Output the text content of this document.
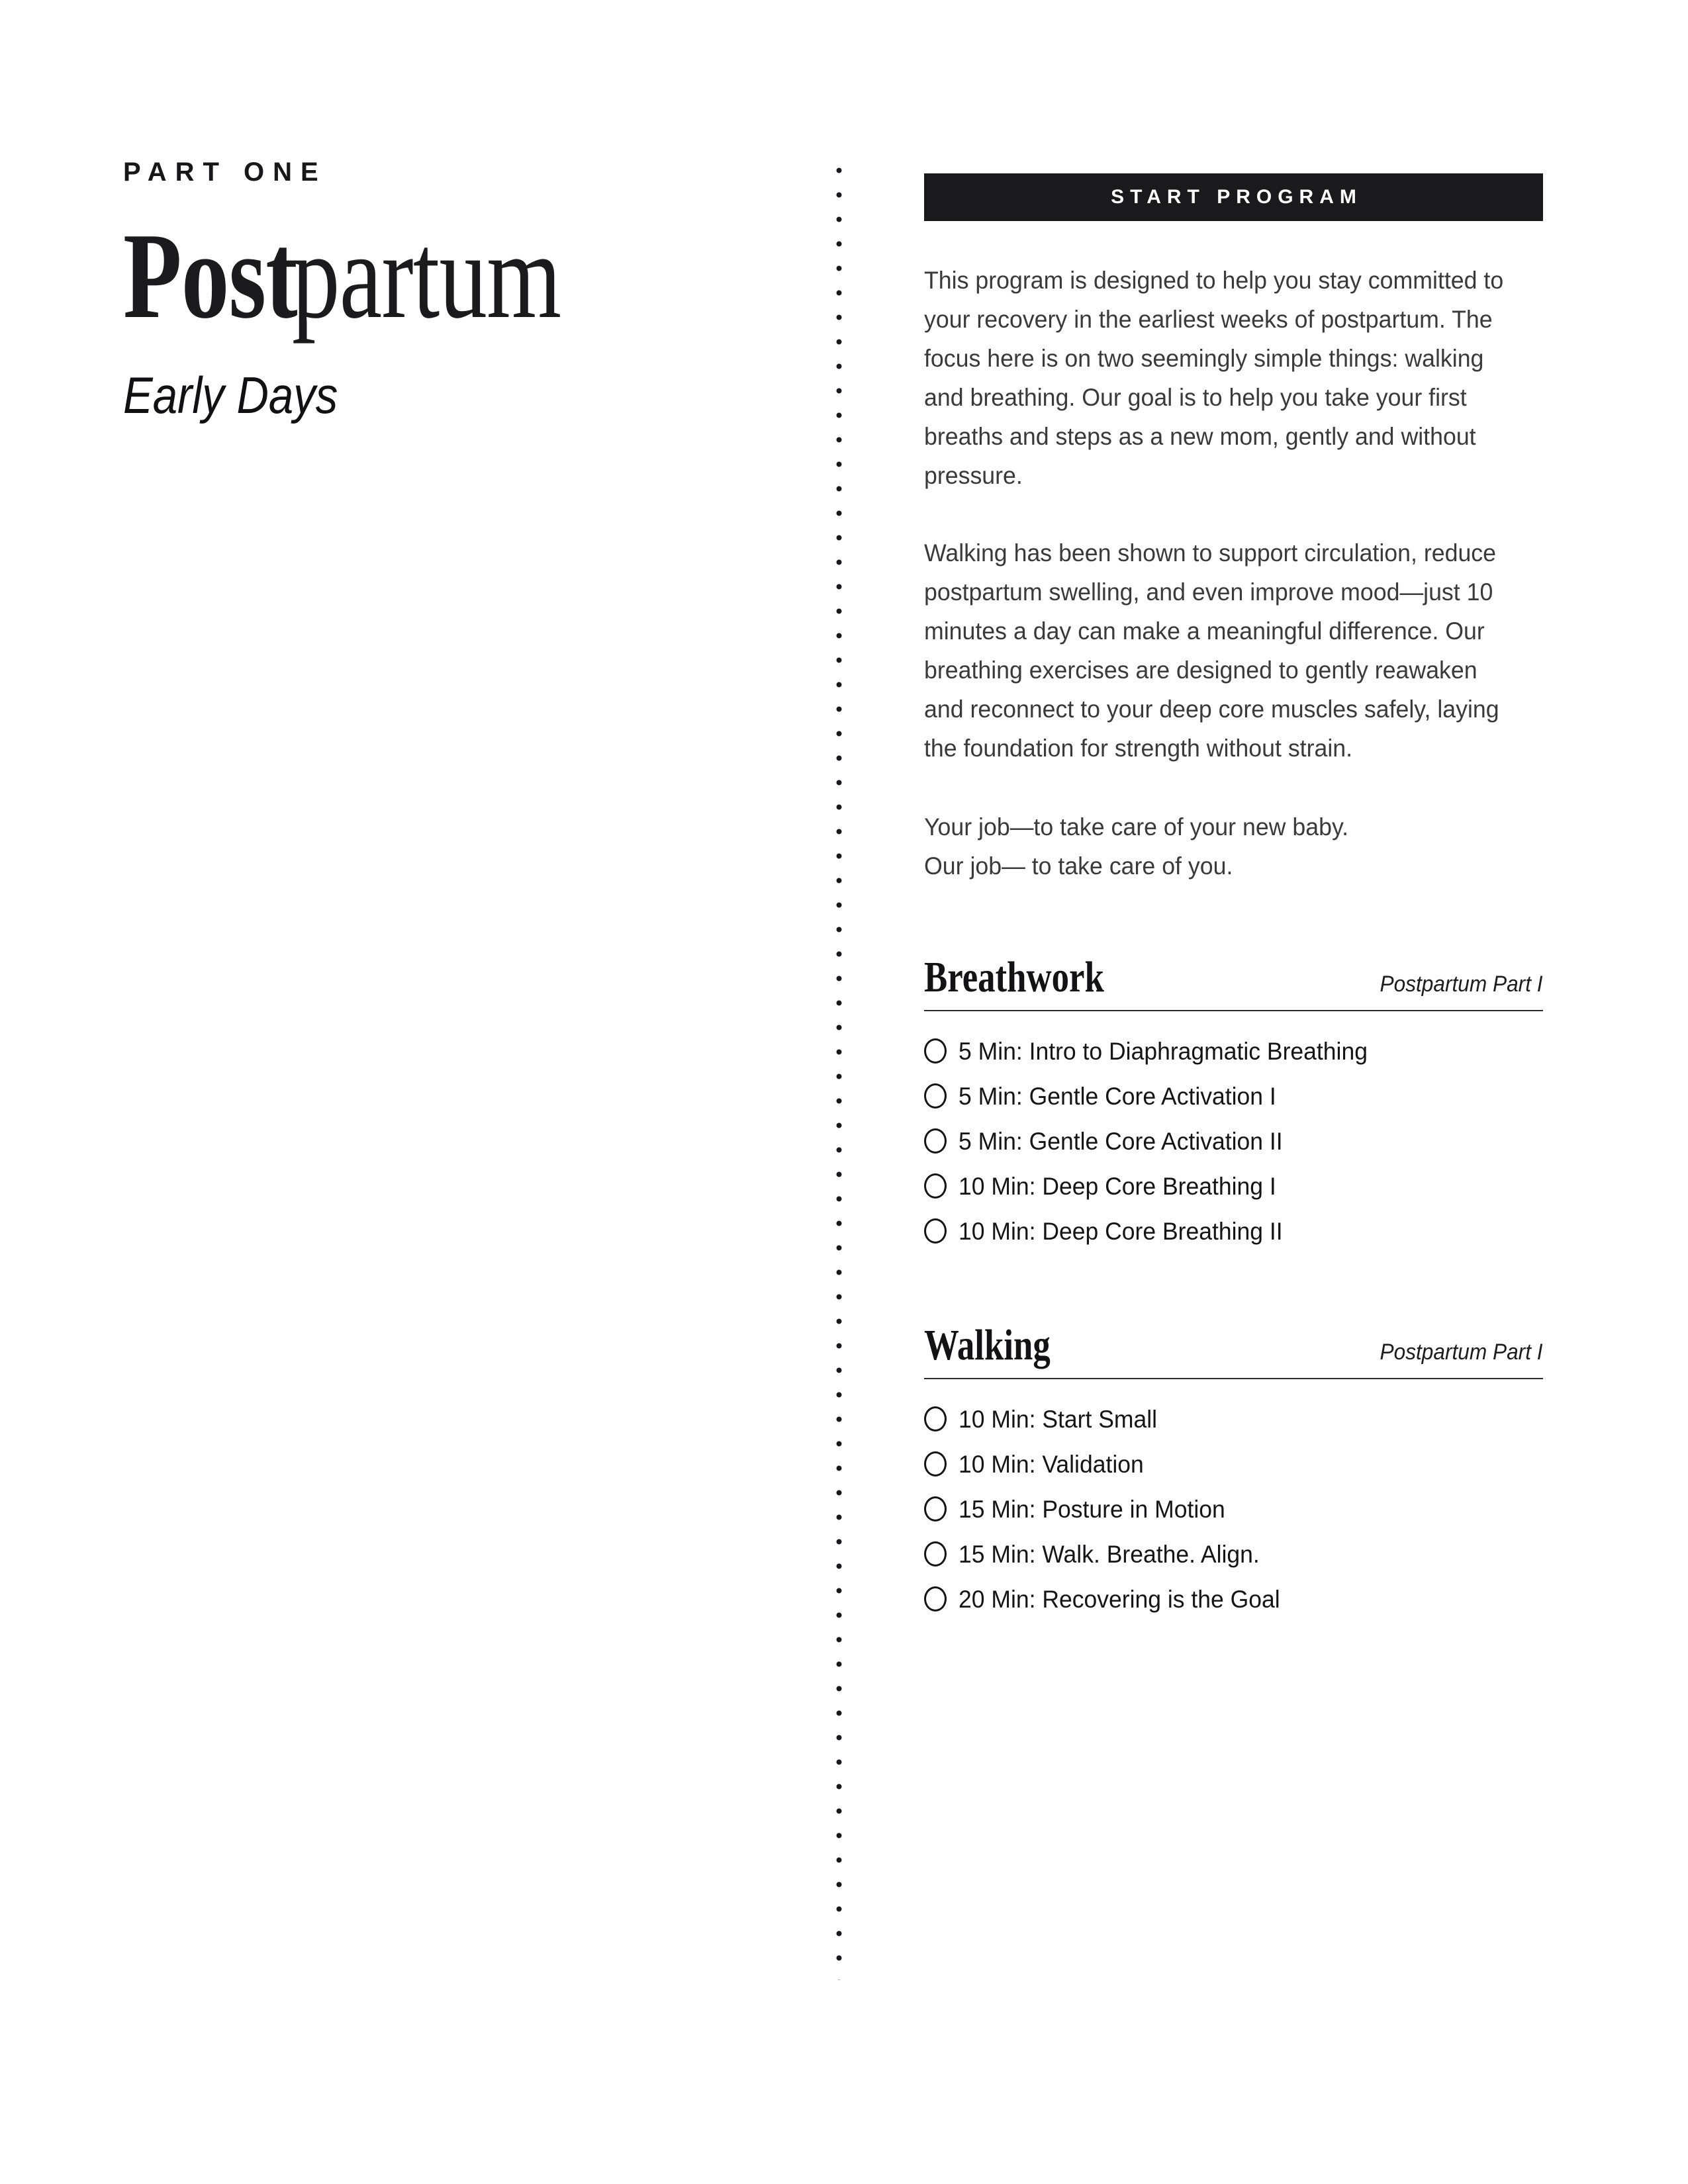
PART ONE
Postpartum
Early Days
START PROGRAM

This program is designed to help you stay committed to your recovery in the earliest weeks of postpartum. The focus here is on two seemingly simple things: walking and breathing. Our goal is to help you take your first breaths and steps as a new mom, gently and without pressure.

Walking has been shown to support circulation, reduce postpartum swelling, and even improve mood—just 10 minutes a day can make a meaningful difference. Our breathing exercises are designed to gently reawaken and reconnect to your deep core muscles safely, laying the foundation for strength without strain.

Your job—to take care of your new baby.
Our job— to take care of you.

Breathwork	Postpartum Part I
5 Min: Intro to Diaphragmatic Breathing
5 Min: Gentle Core Activation I
5 Min: Gentle Core Activation II
10 Min: Deep Core Breathing I
10 Min: Deep Core Breathing II
Walking	Postpartum Part I
10 Min: Start Small
10 Min: Validation
15 Min: Posture in Motion
15 Min: Walk. Breathe. Align.
20 Min: Recovering is the Goal
